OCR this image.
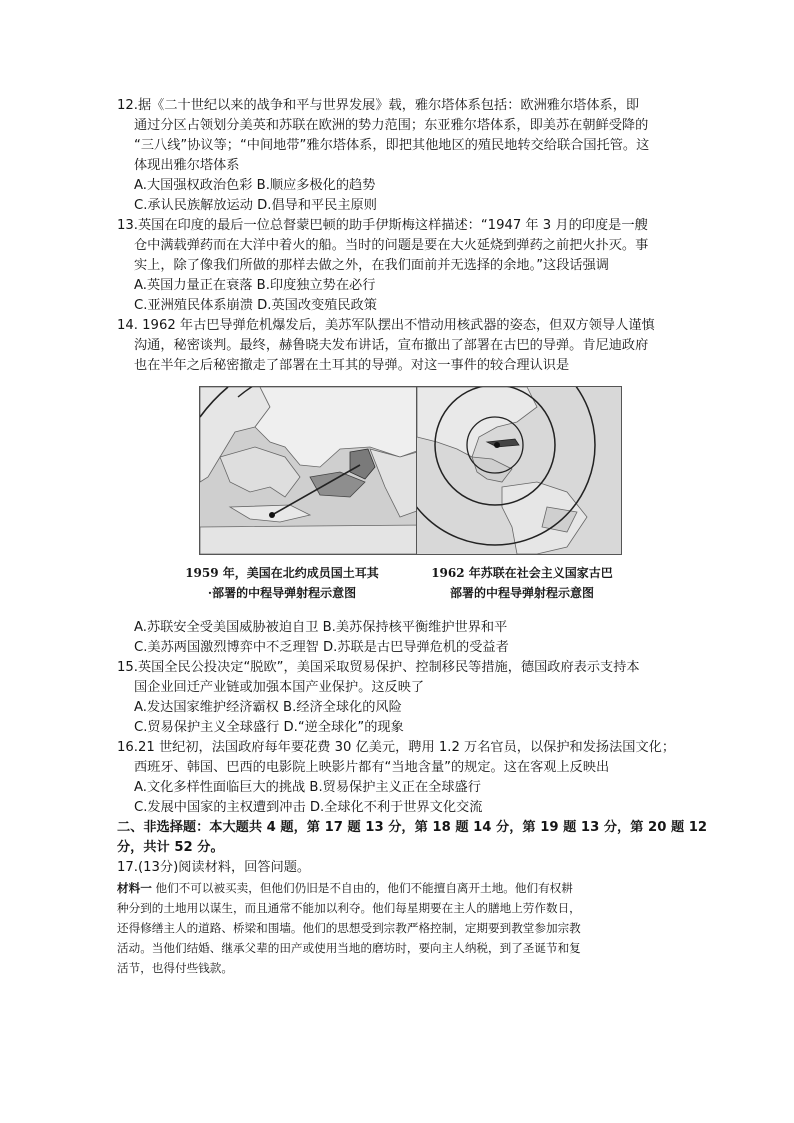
12.据《二十世纪以来的战争和平与世界发展》载，雅尔塔体系包括：欧洲雅尔塔体系，即
通过分区占领划分美英和苏联在欧洲的势力范围；东亚雅尔塔体系，即美苏在朝鲜受降的
“三八线”协议等；“中间地带”雅尔塔体系，即把其他地区的殖民地转交给联合国托管。这
体现出雅尔塔体系
A.大国强权政治色彩 B.顺应多极化的趋势
C.承认民族解放运动 D.倡导和平民主原则
13.英国在印度的最后一位总督蒙巴顿的助手伊斯梅这样描述：“1947 年 3 月的印度是一艘
仓中满载弹药而在大洋中着火的船。当时的问题是要在大火延烧到弹药之前把火扑灭。事
实上，除了像我们所做的那样去做之外，在我们面前并无选择的余地。”这段话强调
A.英国力量正在衰落 B.印度独立势在必行
C.亚洲殖民体系崩溃 D.英国改变殖民政策
14. 1962 年古巴导弹危机爆发后，美苏军队摆出不惜动用核武器的姿态，但双方领导人谨慎
沟通，秘密谈判。最终，赫鲁晓夫发布讲话，宣布撤出了部署在古巴的导弹。肯尼迪政府
也在半年之后秘密撤走了部署在土耳其的导弹。对这一事件的较合理认识是
1959 年，美国在北约成员国土耳其
·部署的中程导弹射程示意图
1962 年苏联在社会主义国家古巴
部署的中程导弹射程示意图
A.苏联安全受美国威胁被迫自卫 B.美苏保持核平衡维护世界和平
C.美苏两国激烈博弈中不乏理智 D.苏联是古巴导弹危机的受益者
15.英国全民公投决定“脱欧”，美国采取贸易保护、控制移民等措施，德国政府表示支持本
国企业回迁产业链或加强本国产业保护。这反映了
A.发达国家维护经济霸权 B.经济全球化的风险
C.贸易保护主义全球盛行 D.“逆全球化”的现象
16.21 世纪初，法国政府每年要花费 30 亿美元，聘用 1.2 万名官员，以保护和发扬法国文化；
西班牙、韩国、巴西的电影院上映影片都有“当地含量”的规定。这在客观上反映出
A.文化多样性面临巨大的挑战 B.贸易保护主义正在全球盛行
C.发展中国家的主权遭到冲击 D.全球化不利于世界文化交流
二、非选择题：本大题共 4 题，第 17 题 13 分，第 18 题 14 分，第 19 题 13 分，第 20 题 12
分，共计 52 分。
17.(13分)阅读材料，回答问题。
材料一 他们不可以被买卖，但他们仍旧是不自由的，他们不能擅自离开土地。他们有权耕
种分到的土地用以谋生，而且通常不能加以利夺。他们每星期要在主人的膳地上劳作数日，
还得修缮主人的道路、桥梁和围墙。他们的思想受到宗教严格控制，定期要到教堂参加宗教
活动。当他们结婚、继承父辈的田产或使用当地的磨坊时，要向主人纳税，到了圣诞节和复
活节，也得付些钱款。
